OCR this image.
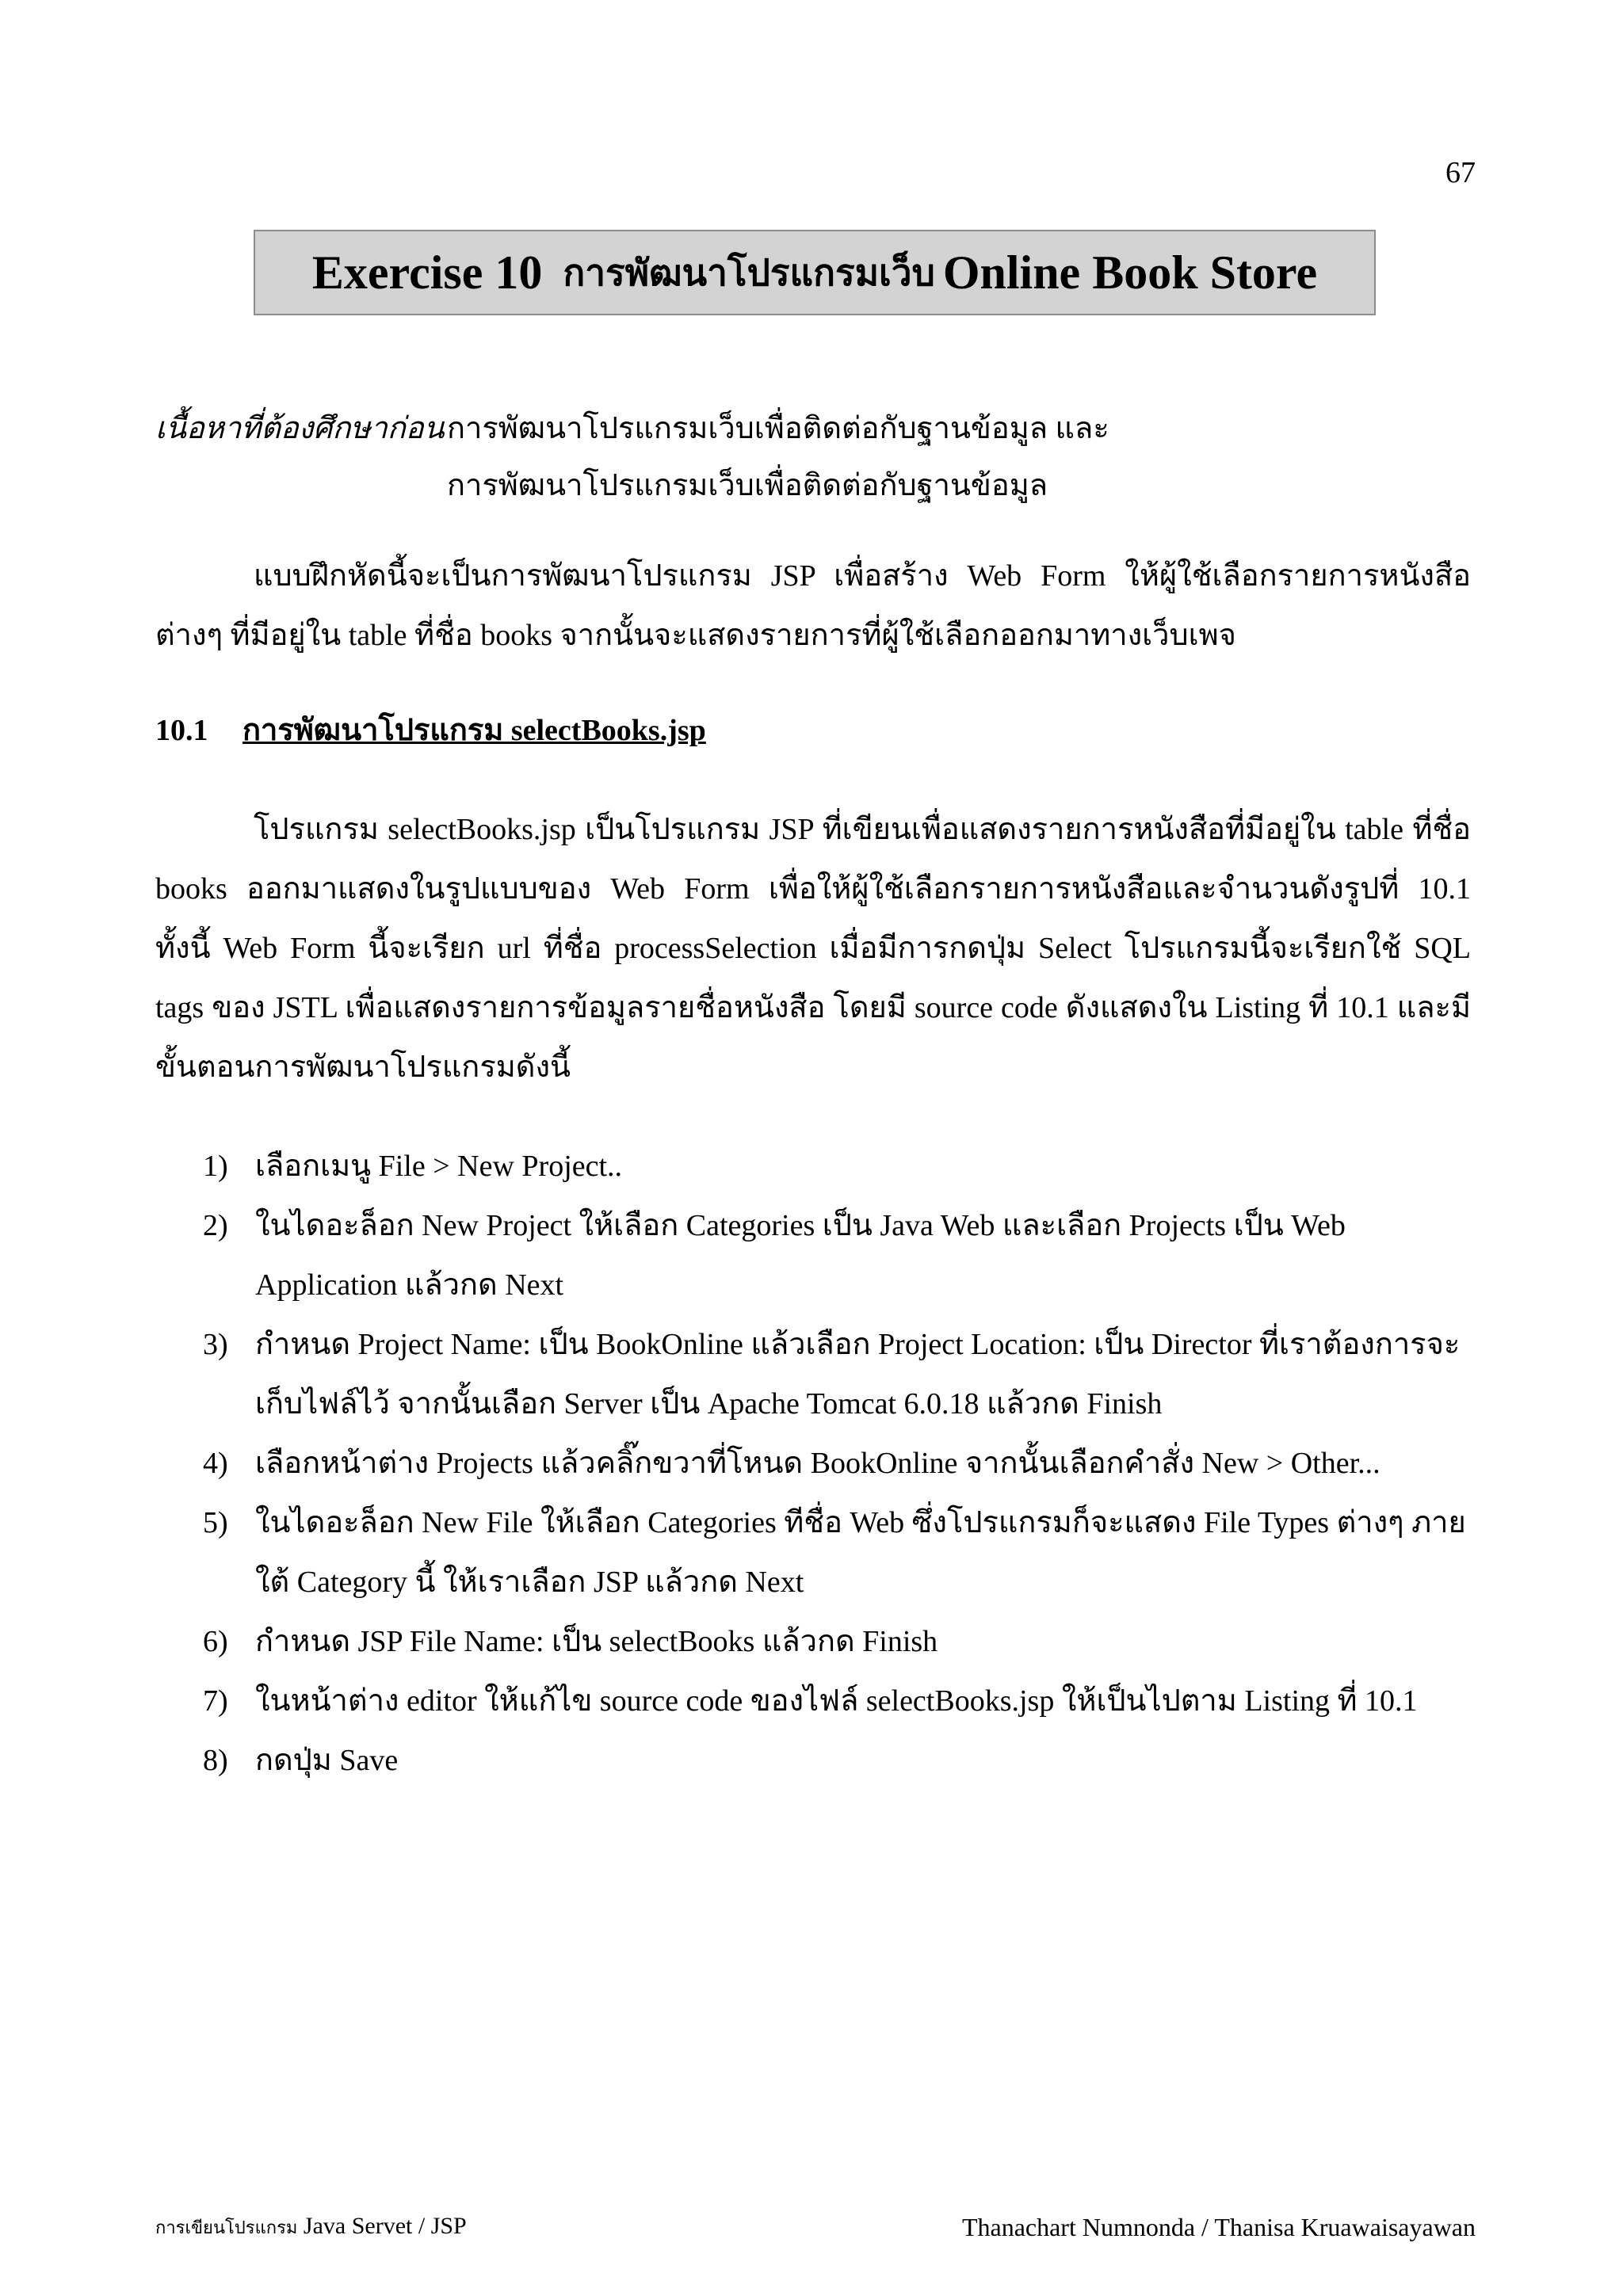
67
Exercise 10 การพัฒนาโปรแกรมเว็บ Online Book Store
เนื้อหาที่ต้องศึกษาก่อนการพัฒนาโปรแกรมเว็บเพื่อติดต่อกับฐานข้อมูล และ
การพัฒนาโปรแกรมเว็บเพื่อติดต่อกับฐานข้อมูล
แบบฝึกหัดนี้จะเป็นการพัฒนาโปรแกรม JSP เพื่อสร้าง Web Form ให้ผู้ใช้เลือกรายการหนังสือต่างๆ ที่มีอยู่ใน table ที่ชื่อ books จากนั้นจะแสดงรายการที่ผู้ใช้เลือกออกมาทางเว็บเพจ
10.1 การพัฒนาโปรแกรม selectBooks.jsp
โปรแกรม selectBooks.jsp เป็นโปรแกรม JSP ที่เขียนเพื่อแสดงรายการหนังสือที่มีอยู่ใน table ที่ชื่อ books ออกมาแสดงในรูปแบบของ Web Form เพื่อให้ผู้ใช้เลือกรายการหนังสือและจำนวนดังรูปที่ 10.1 ทั้งนี้ Web Form นี้จะเรียก url ที่ชื่อ processSelection เมื่อมีการกดปุ่ม Select โปรแกรมนี้จะเรียกใช้ SQL tags ของ JSTL เพื่อแสดงรายการข้อมูลรายชื่อหนังสือ โดยมี source code ดังแสดงใน Listing ที่ 10.1 และมีขั้นตอนการพัฒนาโปรแกรมดังนี้
1) เลือกเมนู File > New Project..
2) ในไดอะล็อก New Project ให้เลือก Categories เป็น Java Web และเลือก Projects เป็น Web Application แล้วกด Next
3) กำหนด Project Name: เป็น BookOnline แล้วเลือก Project Location: เป็น Director ที่เราต้องการจะเก็บไฟล์ไว้ จากนั้นเลือก Server เป็น Apache Tomcat 6.0.18 แล้วกด Finish
4) เลือกหน้าต่าง Projects แล้วคลิ๊กขวาที่โหนด BookOnline จากนั้นเลือกคำสั่ง New > Other...
5) ในไดอะล็อก New File ให้เลือก Categories ทีชื่อ Web ซึ่งโปรแกรมก็จะแสดง File Types ต่างๆ ภายใต้ Category นี้ ให้เราเลือก JSP แล้วกด Next
6) กำหนด JSP File Name: เป็น selectBooks แล้วกด Finish
7) ในหน้าต่าง editor ให้แก้ไข source code ของไฟล์ selectBooks.jsp ให้เป็นไปตาม Listing ที่ 10.1
8) กดปุ่ม Save
การเขียนโปรแกรม Java Servet / JSP	Thanachart Numnonda / Thanisa Kruawaisayawan
